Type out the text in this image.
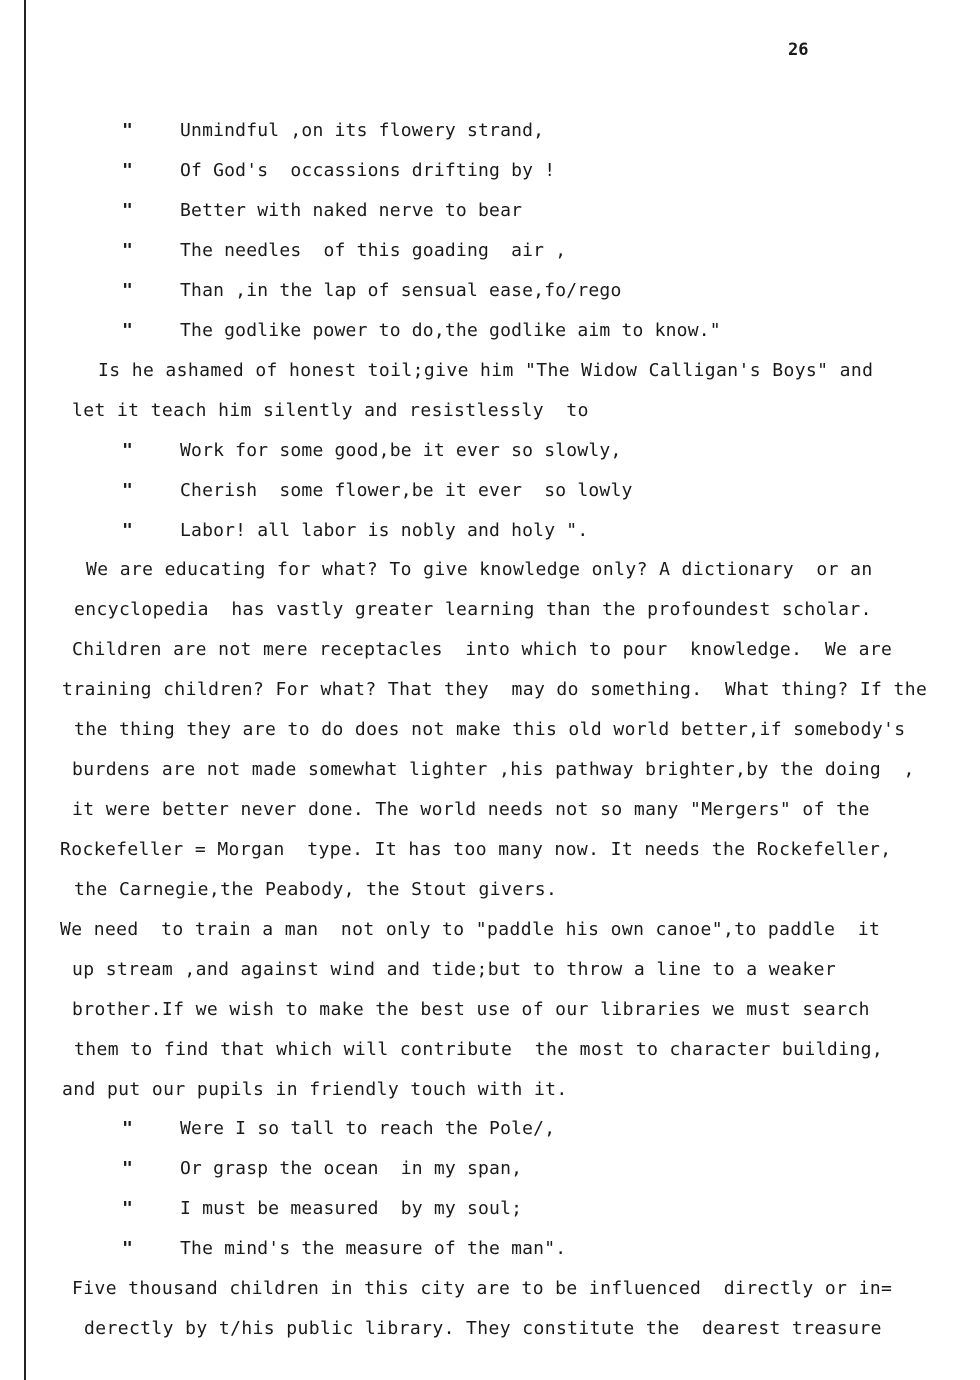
26
"	Unmindful ,on its flowery strand,
"	Of God's  occassions drifting by !
"	Better with naked nerve to bear
"	The needles  of this goading  air ,
"	Than ,in the lap of sensual ease,fo/rego
"	The godlike power to do,the godlike aim to know."
Is he ashamed of honest toil;give him "The Widow Calligan's Boys" and
let it teach him silently and resistlessly  to
"	Work for some good,be it ever so slowly,
"	Cherish  some flower,be it ever  so lowly
"	Labor! all labor is nobly and holy ".
We are educating for what? To give knowledge only? A dictionary  or an
encyclopedia  has vastly greater learning than the profoundest scholar.
Children are not mere receptacles  into which to pour  knowledge.  We are
training children? For what? That they  may do something.  What thing? If the
the thing they are to do does not make this old world better,if somebody's
burdens are not made somewhat lighter ,his pathway brighter,by the doing  ,
it were better never done. The world needs not so many "Mergers" of the
Rockefeller = Morgan  type. It has too many now. It needs the Rockefeller,
the Carnegie,the Peabody, the Stout givers.
We need  to train a man  not only to "paddle his own canoe",to paddle  it
up stream ,and against wind and tide;but to throw a line to a weaker
brother.If we wish to make the best use of our libraries we must search
them to find that which will contribute  the most to character building,
and put our pupils in friendly touch with it.
"	Were I so tall to reach the Pole/,
"	Or grasp the ocean  in my span,
"	I must be measured  by my soul;
"	The mind's the measure of the man".
Five thousand children in this city are to be influenced  directly or in=
derectly by t/his public library. They constitute the  dearest treasure
